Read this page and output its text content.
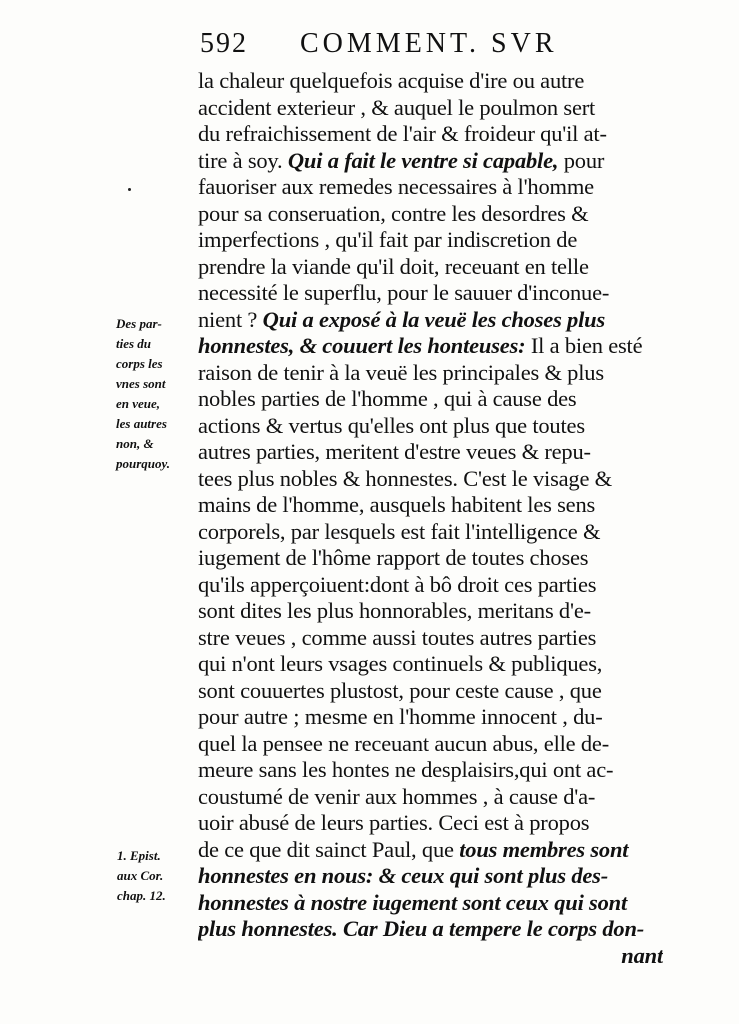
592 COMMENT. SVR
la chaleur quelquefois acquise d'ire ou autre
accident exterieur , & auquel le poulmon sert
du refraichissement de l'air & froideur qu'il at-
tire à soy. Qui a fait le ventre si capable, pour
fauoriser aux remedes necessaires à l'homme
pour sa conseruation, contre les desordres &
imperfections , qu'il fait par indiscretion de
prendre la viande qu'il doit, receuant en telle
necessité le superflu, pour le sauuer d'inconue-
nient ? Qui a exposé à la veuë les choses plus
honnestes, & couuert les honteuses: Il a bien esté
raison de tenir à la veuë les principales & plus
nobles parties de l'homme , qui à cause des
actions & vertus qu'elles ont plus que toutes
autres parties, meritent d'estre veues & repu-
tees plus nobles & honnestes. C'est le visage &
mains de l'homme, ausquels habitent les sens
corporels, par lesquels est fait l'intelligence &
iugement de l'hôme rapport de toutes choses
qu'ils apperçoiuent:dont à bô droit ces parties
sont dites les plus honnorables, meritans d'e-
stre veues , comme aussi toutes autres parties
qui n'ont leurs vsages continuels & publiques,
sont couuertes plustost, pour ceste cause , que
pour autre ; mesme en l'homme innocent , du-
quel la pensee ne receuant aucun abus, elle de-
meure sans les hontes ne desplaisirs,qui ont ac-
coustumé de venir aux hommes , à cause d'a-
uoir abusé de leurs parties. Ceci est à propos
de ce que dit sainct Paul, que tous membres sont
honnestes en nous: & ceux qui sont plus des-
honnestes à nostre iugement sont ceux qui sont
plus honnestes. Car Dieu a tempere le corps don-
nant
Des par-
ties du
corps les
vnes sont
en veue,
les autres
non, &
pourquoy.
1. Epist.
aux Cor.
chap. 12.
